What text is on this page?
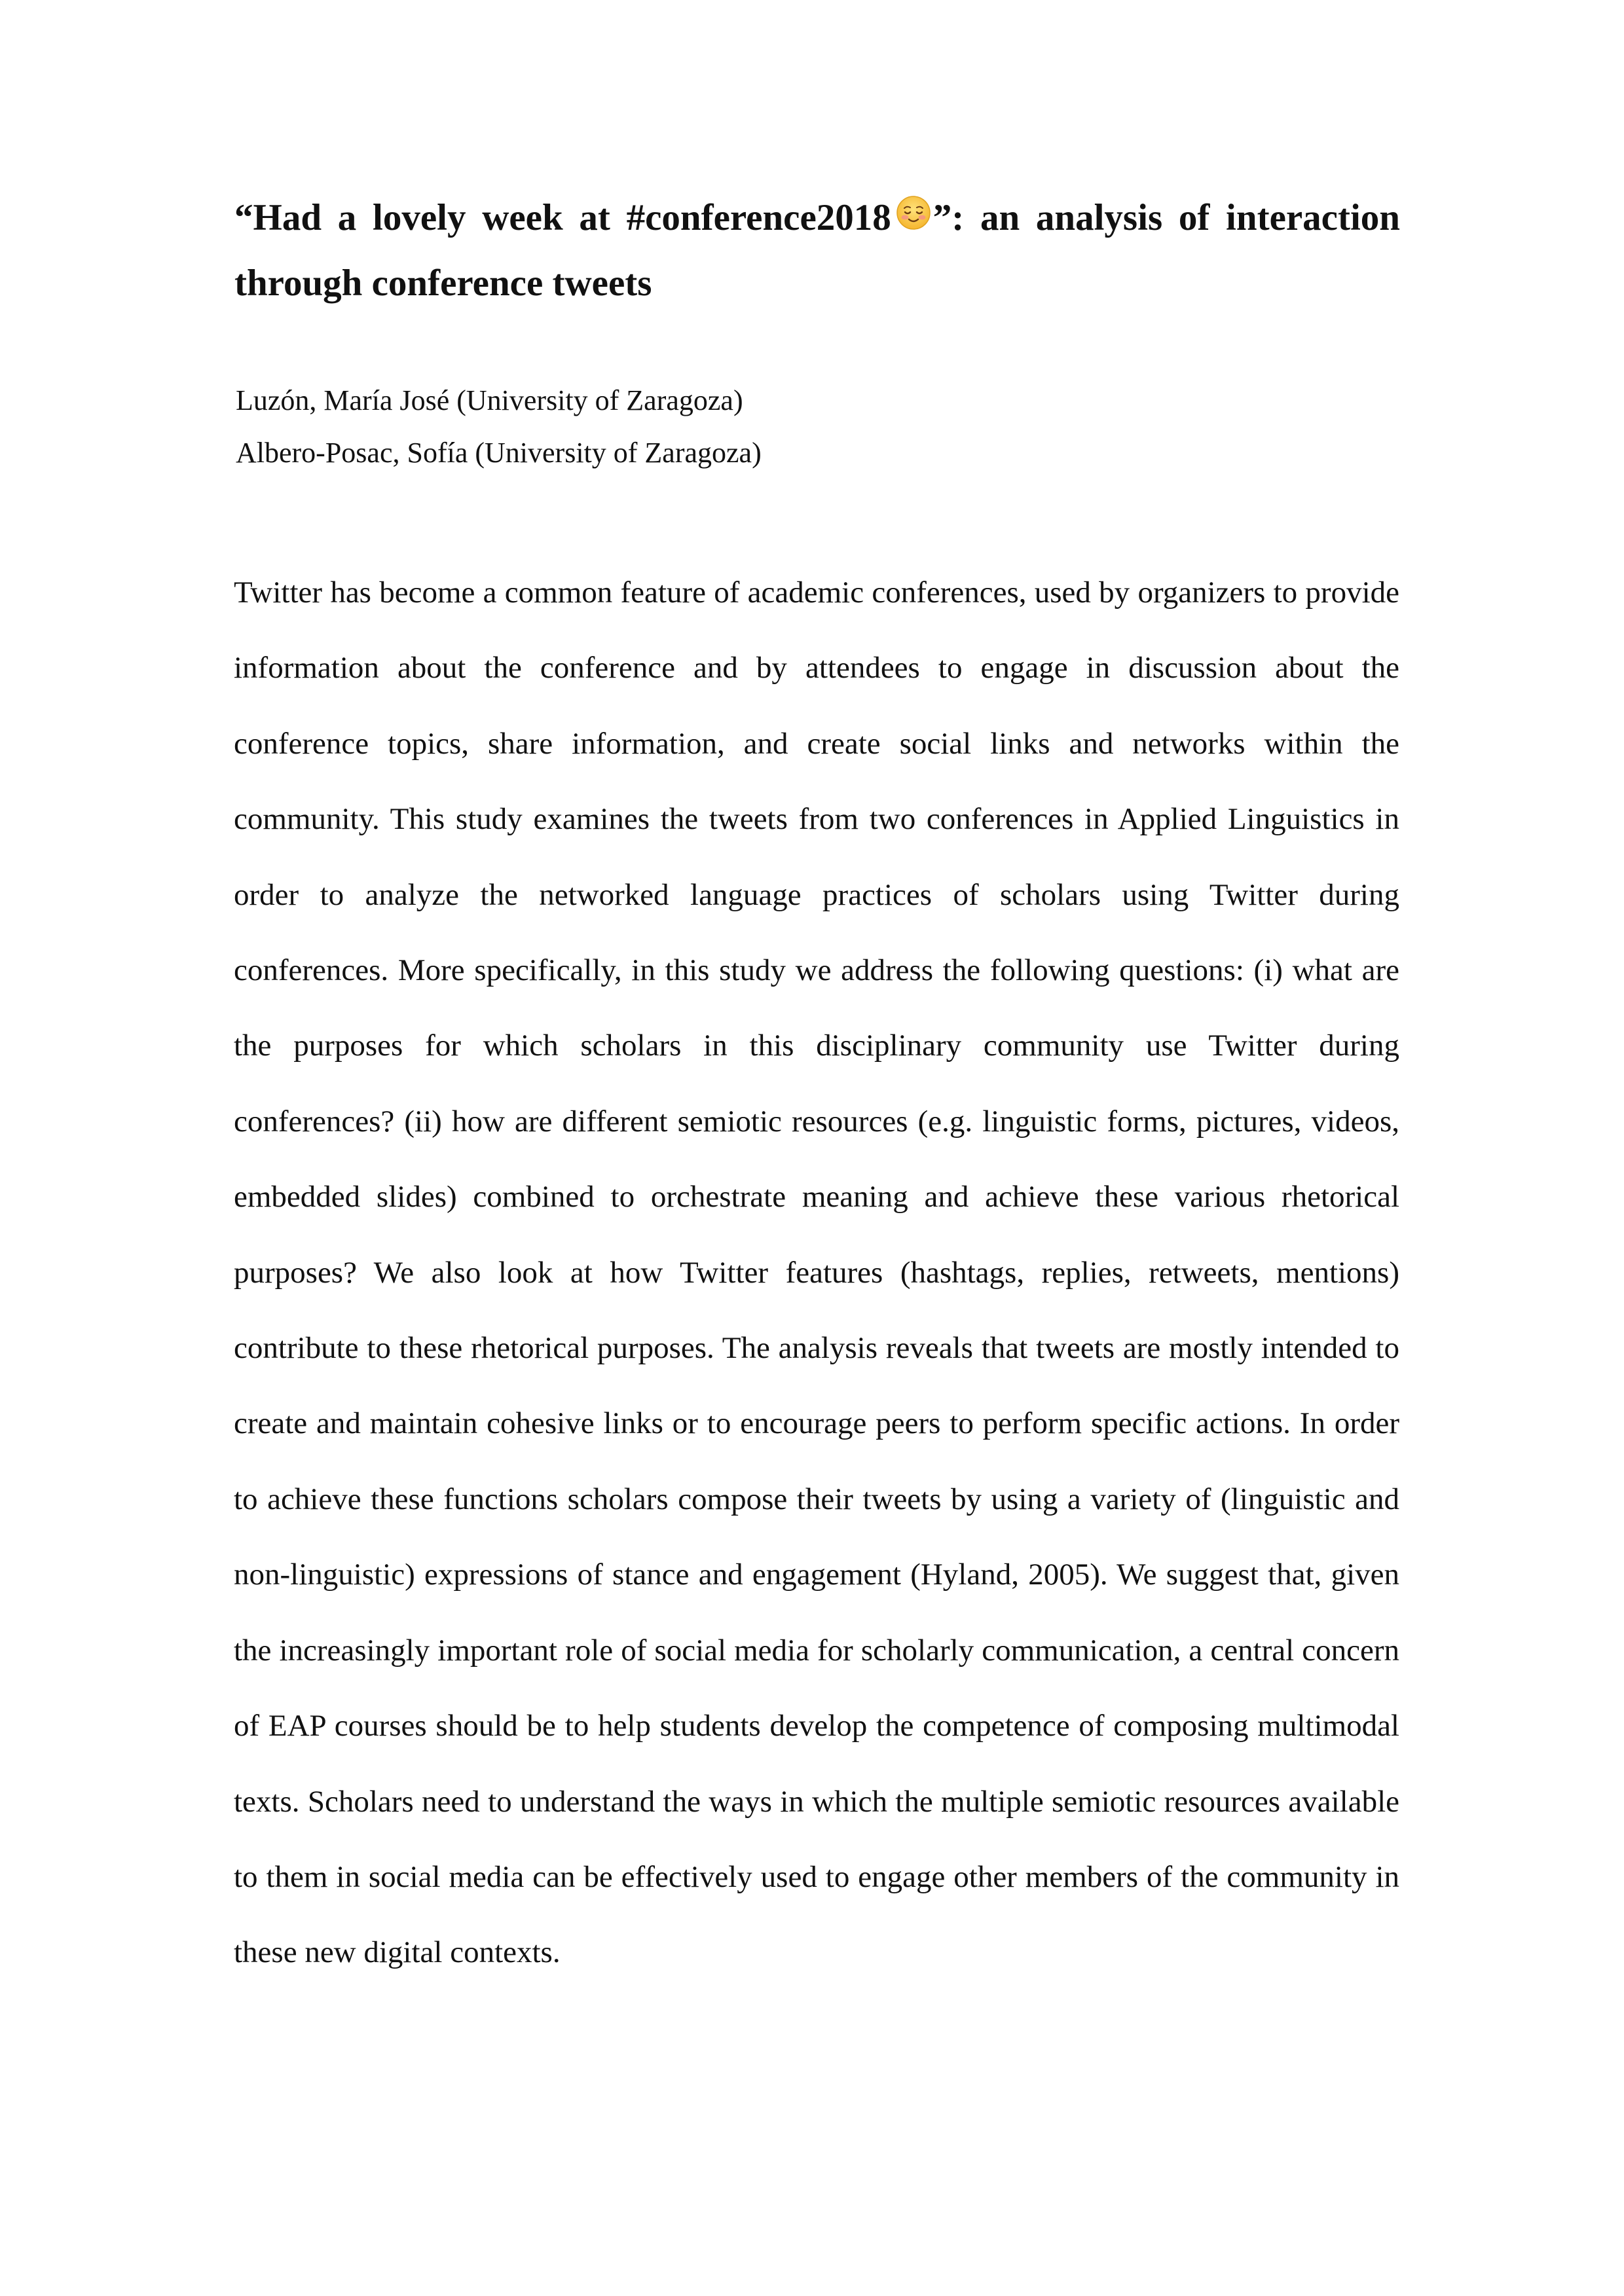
“Had a lovely week at #conference2018 ”: an analysis of interaction
through conference tweets
Luzón, María José (University of Zaragoza)
Albero-Posac, Sofía (University of Zaragoza)

Twitter has become a common feature of academic conferences, used by organizers to provide information about the conference and by attendees to engage in discussion about the conference topics, share information, and create social links and networks within the community. This study examines the tweets from two conferences in Applied Linguistics in order to analyze the networked language practices of scholars using Twitter during conferences. More specifically, in this study we address the following questions: (i) what are the purposes for which scholars in this disciplinary community use Twitter during conferences? (ii) how are different semiotic resources (e.g. linguistic forms, pictures, videos, embedded slides) combined to orchestrate meaning and achieve these various rhetorical purposes? We also look at how Twitter features (hashtags, replies, retweets, mentions) contribute to these rhetorical purposes. The analysis reveals that tweets are mostly intended to create and maintain cohesive links or to encourage peers to perform specific actions. In order to achieve these functions scholars compose their tweets by using a variety of (linguistic and non-linguistic) expressions of stance and engagement (Hyland, 2005). We suggest that, given the increasingly important role of social media for scholarly communication, a central concern of EAP courses should be to help students develop the competence of composing multimodal texts. Scholars need to understand the ways in which the multiple semiotic resources available to them in social media can be effectively used to engage other members of the community in these new digital contexts.
